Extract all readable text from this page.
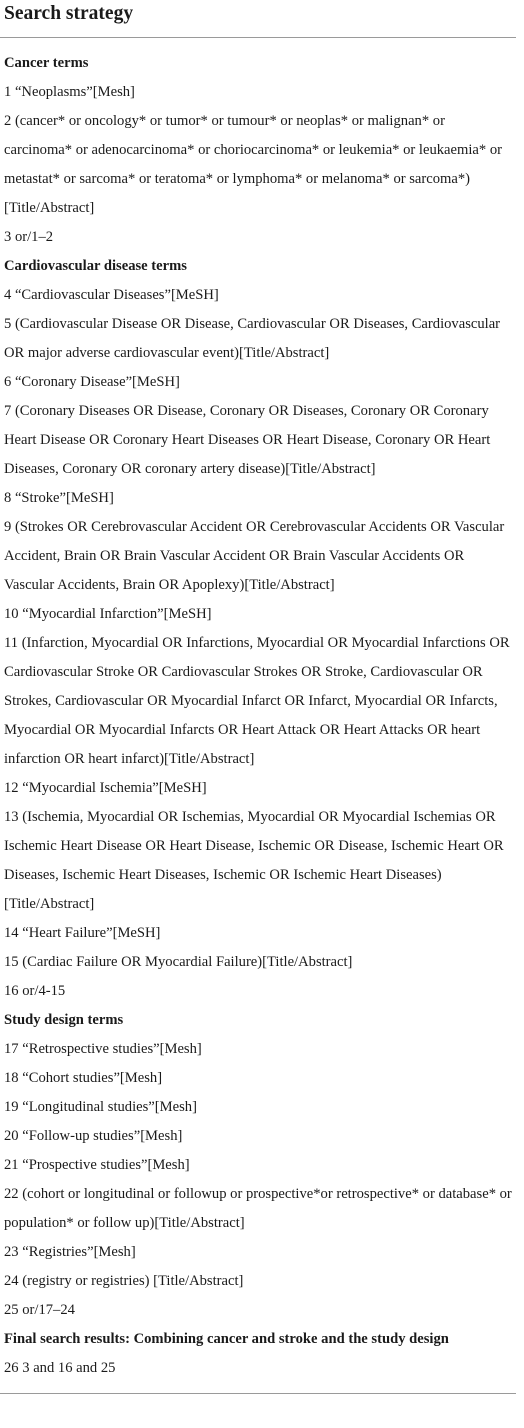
Search strategy
Cancer terms
1 “Neoplasms”[Mesh]
2 (cancer* or oncology* or tumor* or tumour* or neoplas* or malignan* or carcinoma* or adenocarcinoma* or choriocarcinoma* or leukemia* or leukaemia* or metastat* or sarcoma* or teratoma* or lymphoma* or melanoma* or sarcoma*) [Title/Abstract]
3 or/1–2
Cardiovascular disease terms
4 “Cardiovascular Diseases”[MeSH]
5 (Cardiovascular Disease OR Disease, Cardiovascular OR Diseases, Cardiovascular OR major adverse cardiovascular event)[Title/Abstract]
6 “Coronary Disease”[MeSH]
7 (Coronary Diseases OR Disease, Coronary OR Diseases, Coronary OR Coronary Heart Disease OR Coronary Heart Diseases OR Heart Disease, Coronary OR Heart Diseases, Coronary OR coronary artery disease)[Title/Abstract]
8 “Stroke”[MeSH]
9 (Strokes OR Cerebrovascular Accident OR Cerebrovascular Accidents OR Vascular Accident, Brain OR Brain Vascular Accident OR Brain Vascular Accidents OR Vascular Accidents, Brain OR Apoplexy)[Title/Abstract]
10 “Myocardial Infarction”[MeSH]
11 (Infarction, Myocardial OR Infarctions, Myocardial OR Myocardial Infarctions OR Cardiovascular Stroke OR Cardiovascular Strokes OR Stroke, Cardiovascular OR Strokes, Cardiovascular OR Myocardial Infarct OR Infarct, Myocardial OR Infarcts, Myocardial OR Myocardial Infarcts OR Heart Attack OR Heart Attacks OR heart infarction OR heart infarct)[Title/Abstract]
12 “Myocardial Ischemia”[MeSH]
13 (Ischemia, Myocardial OR Ischemias, Myocardial OR Myocardial Ischemias OR Ischemic Heart Disease OR Heart Disease, Ischemic OR Disease, Ischemic Heart OR Diseases, Ischemic Heart Diseases, Ischemic OR Ischemic Heart Diseases)[Title/Abstract]
14 “Heart Failure”[MeSH]
15 (Cardiac Failure OR Myocardial Failure)[Title/Abstract]
16 or/4-15
Study design terms
17 “Retrospective studies”[Mesh]
18 “Cohort studies”[Mesh]
19 “Longitudinal studies”[Mesh]
20 “Follow-up studies”[Mesh]
21 “Prospective studies”[Mesh]
22 (cohort or longitudinal or followup or prospective*or retrospective* or database* or population* or follow up)[Title/Abstract]
23 “Registries”[Mesh]
24 (registry or registries) [Title/Abstract]
25 or/17–24
Final search results: Combining cancer and stroke and the study design
26 3 and 16 and 25
